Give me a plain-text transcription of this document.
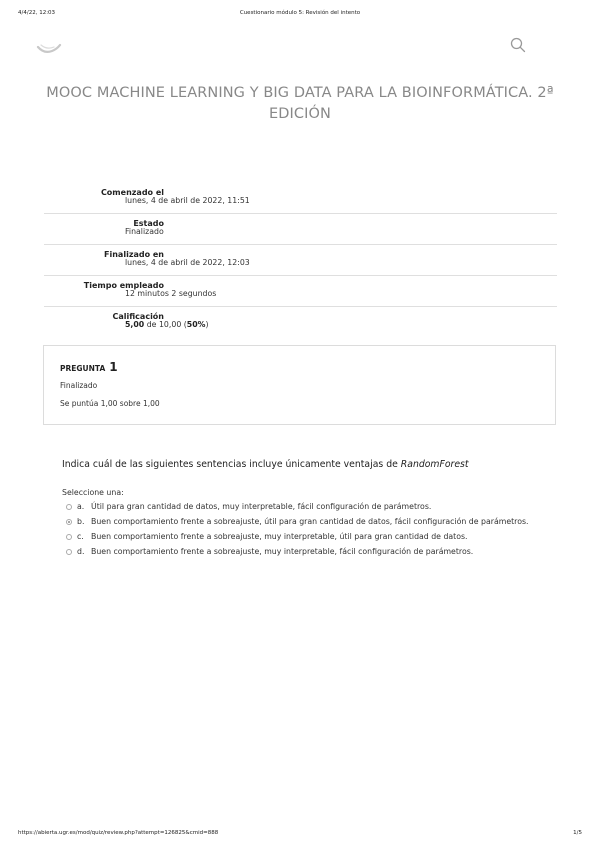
4/4/22, 12:03	Cuestionario módulo 5: Revisión del intento
MOOC MACHINE LEARNING Y BIG DATA PARA LA BIOINFORMÁTICA. 2ª
EDICIÓN
Comenzado el
lunes, 4 de abril de 2022, 11:51
Estado
Finalizado
Finalizado en
lunes, 4 de abril de 2022, 12:03
Tiempo empleado
12 minutos 2 segundos
Calificación
5,00 de 10,00 (50%)
PREGUNTA 1
Finalizado
Se puntúa 1,00 sobre 1,00
Indica cuál de las siguientes sentencias incluye únicamente ventajas de RandomForest
Seleccione una:
a. Útil para gran cantidad de datos, muy interpretable, fácil configuración de parámetros.
b. Buen comportamiento frente a sobreajuste, útil para gran cantidad de datos, fácil configuración de parámetros.
c. Buen comportamiento frente a sobreajuste, muy interpretable, útil para gran cantidad de datos.
d. Buen comportamiento frente a sobreajuste, muy interpretable, fácil configuración de parámetros.
https://abierta.ugr.es/mod/quiz/review.php?attempt=126825&cmid=888	1/5
